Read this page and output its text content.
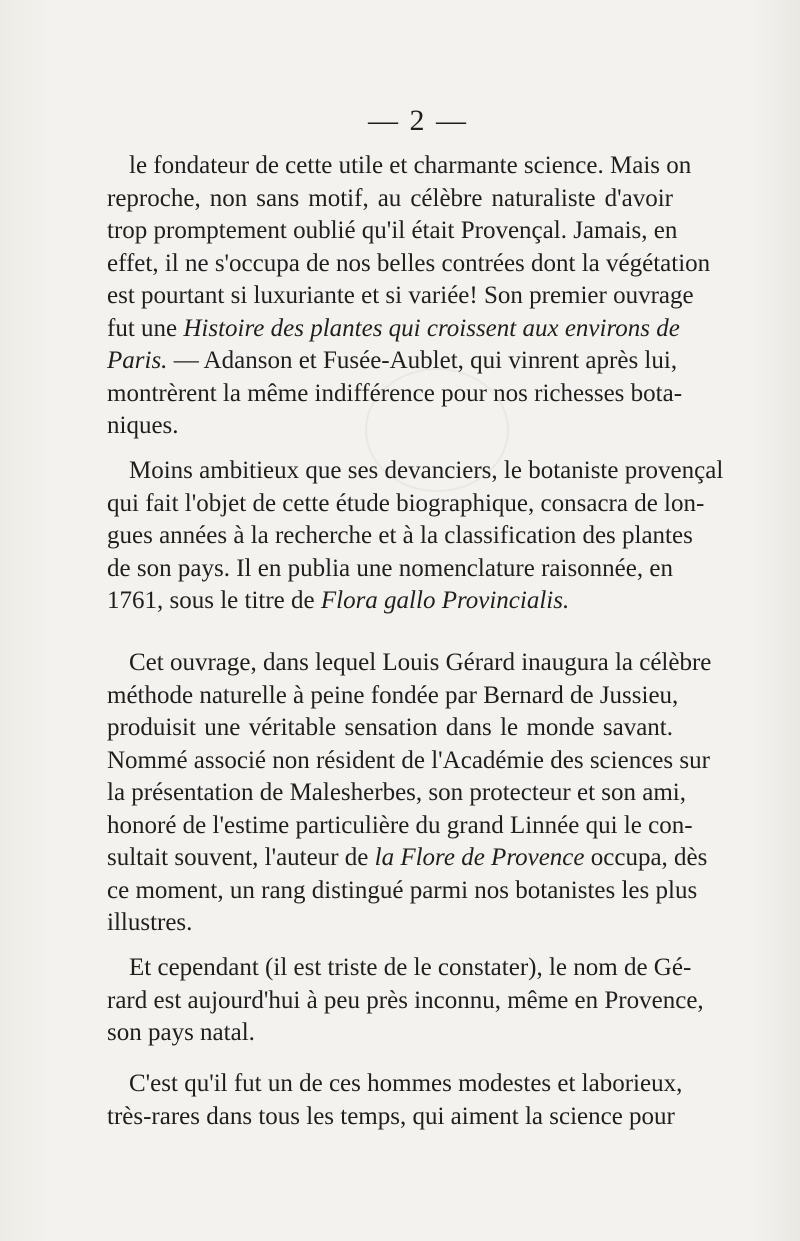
— 2 —
le fondateur de cette utile et charmante science. Mais on
reproche, non sans motif, au célèbre naturaliste d'avoir
trop promptement oublié qu'il était Provençal. Jamais, en
effet, il ne s'occupa de nos belles contrées dont la végétation
est pourtant si luxuriante et si variée! Son premier ouvrage
fut une Histoire des plantes qui croissent aux environs de
Paris. — Adanson et Fusée-Aublet, qui vinrent après lui,
montrèrent la même indifférence pour nos richesses bota-
niques.
Moins ambitieux que ses devanciers, le botaniste provençal
qui fait l'objet de cette étude biographique, consacra de lon-
gues années à la recherche et à la classification des plantes
de son pays. Il en publia une nomenclature raisonnée, en
1761, sous le titre de Flora gallo Provincialis.
Cet ouvrage, dans lequel Louis Gérard inaugura la célèbre
méthode naturelle à peine fondée par Bernard de Jussieu,
produisit une véritable sensation dans le monde savant.
Nommé associé non résident de l'Académie des sciences sur
la présentation de Malesherbes, son protecteur et son ami,
honoré de l'estime particulière du grand Linnée qui le con-
sultait souvent, l'auteur de la Flore de Provence occupa, dès
ce moment, un rang distingué parmi nos botanistes les plus
illustres.
Et cependant (il est triste de le constater), le nom de Gé-
rard est aujourd'hui à peu près inconnu, même en Provence,
son pays natal.
C'est qu'il fut un de ces hommes modestes et laborieux,
très-rares dans tous les temps, qui aiment la science pour
